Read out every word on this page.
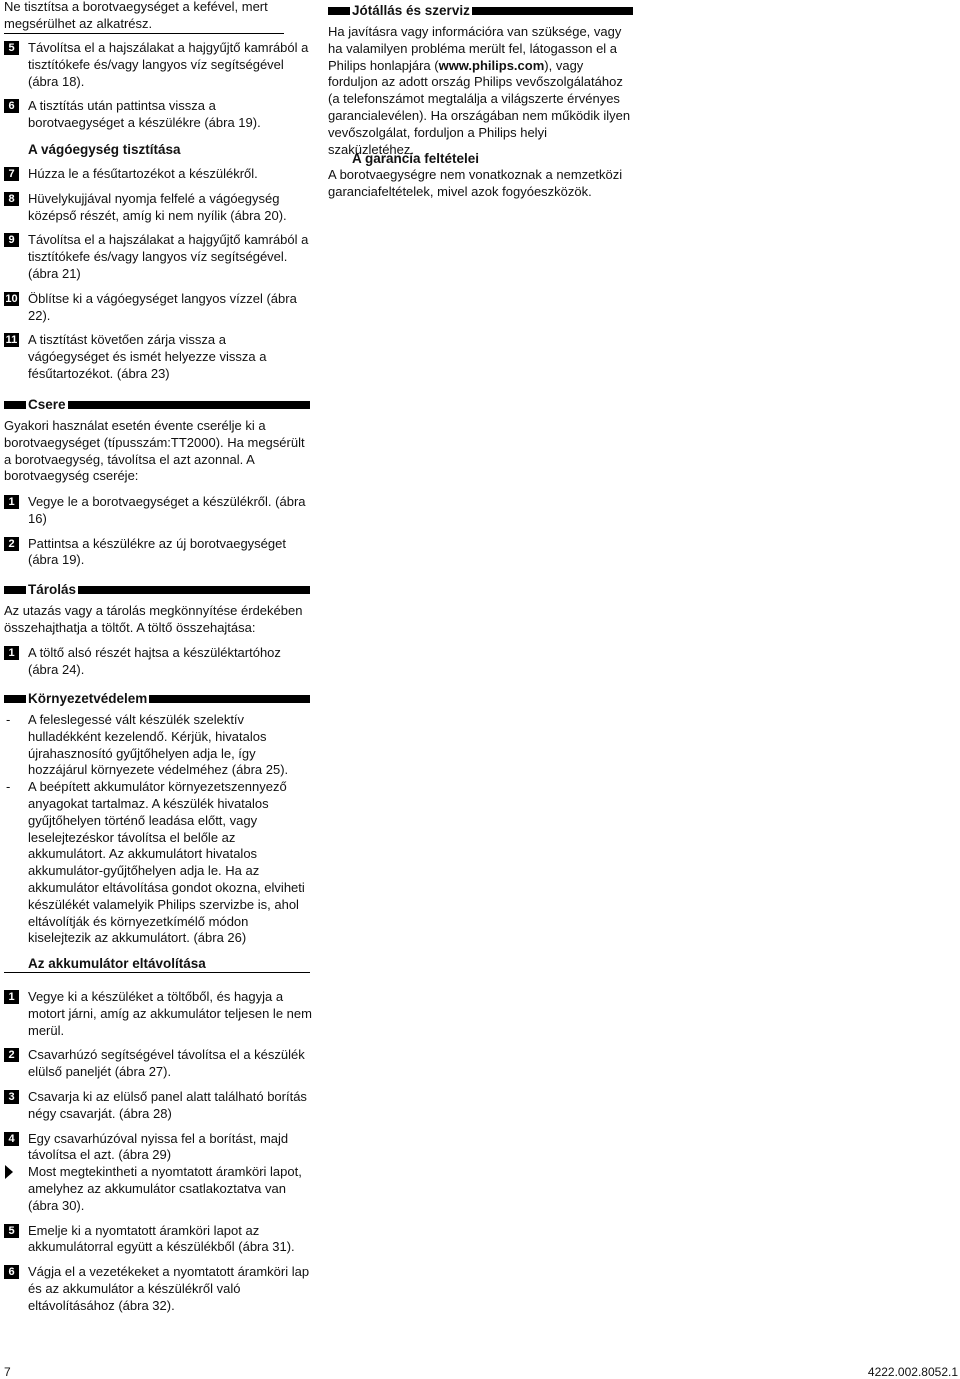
Ne tisztítsa a borotvaegységet a kefével, mert megsérülhet az alkatrész.

5	Távolítsa el a hajszálakat a hajgyűjtő kamrából a tisztítókefe és/vagy langyos víz segítségével (ábra 18).
6	A tisztítás után pattintsa vissza a borotvaegységet a készülékre (ábra 19).
A vágóegység tisztítása
7	Húzza le a fésűtartozékot a készülékről.
8	Hüvelykujjával nyomja felfelé a vágóegység középső részét, amíg ki nem nyílik (ábra 20).
9	Távolítsa el a hajszálakat a hajgyűjtő kamrából a tisztítókefe és/vagy langyos víz segítségével. (ábra 21)
10 Öblítse ki a vágóegységet langyos vízzel (ábra 22).
11 A tisztítást követően zárja vissza a vágóegységet és ismét helyezze vissza a fésűtartozékot. (ábra 23)
Csere

Gyakori használat esetén évente cserélje ki a borotvaegységet (típusszám:TT2000). Ha megsérült a borotvaegység, távolítsa el azt azonnal. A borotvaegység cseréje:

1	Vegye le a borotvaegységet a készülékről. (ábra 16)
2	Pattintsa a készülékre az új borotvaegységet (ábra 19).
Tárolás

Az utazás vagy a tárolás megkönnyítése érdekében összehajthatja a töltőt. A töltő összehajtása:

1	A töltő alsó részét hajtsa a készüléktartóhoz (ábra 24).
Környezetvédelem
- A feleslegessé vált készülék szelektív hulladékként kezelendő. Kérjük, hivatalos újrahasznosító gyűjtőhelyen adja le, így hozzájárul környezete védelméhez (ábra 25).
- A beépített akkumulátor környezetszennyező anyagokat tartalmaz. A készülék hivatalos gyűjtőhelyen történő leadása előtt, vagy leselejtezéskor távolítsa el belőle az akkumulátort. Az akkumulátort hivatalos akkumulátor-gyűjtőhelyen adja le. Ha az akkumulátor eltávolítása gondot okozna, elviheti készülékét valamelyik Philips szervizbe is, ahol eltávolítják és környezetkímélő módon kiselejtezik az akkumulátort. (ábra 26)
Az akkumulátor eltávolítása
1	Vegye ki a készüléket a töltőből, és hagyja a motort járni, amíg az akkumulátor teljesen le nem merül.
2	Csavarhúzó segítségével távolítsa el a készülék elülső paneljét (ábra 27).
3	Csavarja ki az elülső panel alatt található borítás négy csavarját. (ábra 28)
4	Egy csavarhúzóval nyissa fel a borítást, majd távolítsa el azt. (ábra 29)
Most megtekintheti a nyomtatott áramköri lapot, amelyhez az akkumulátor csatlakoztatva van (ábra 30).
5	Emelje ki a nyomtatott áramköri lapot az akkumulátorral együtt a készülékből (ábra 31).
6	Vágja el a vezetékeket a nyomtatott áramköri lap és az akkumulátor a készülékről való eltávolításához (ábra 32).
Jótállás és szerviz

Ha javításra vagy információra van szüksége, vagy ha valamilyen probléma merült fel, látogasson el a Philips honlapjára (www.philips.com), vagy forduljon az adott ország Philips vevőszolgálatához (a telefonszámot megtalálja a világszerte érvényes garancialevélen). Ha országában nem működik ilyen vevőszolgálat, forduljon a Philips helyi szaküzletéhez.

A garancia feltételei

A borotvaegységre nem vonatkoznak a nemzetközi garanciafeltételek, mivel azok fogyóeszközök.

7	4222.002.8052.1
